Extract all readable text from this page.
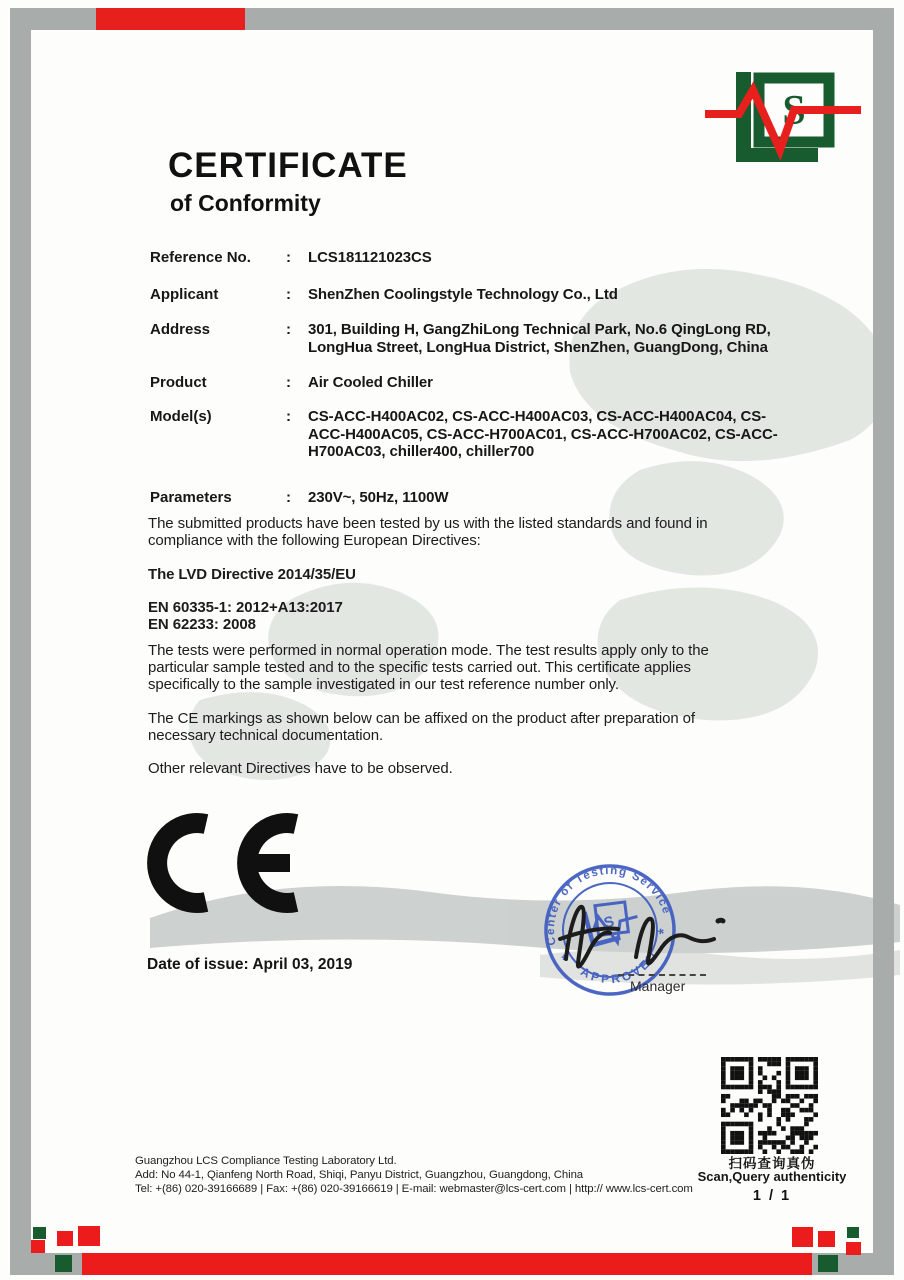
S
CERTIFICATE
of Conformity
Reference No.	:	LCS181121023CS
Applicant	:	ShenZhen Coolingstyle Technology Co., Ltd
Address	:	301, Building H, GangZhiLong Technical Park, No.6 QingLong RD, LongHua Street, LongHua District, ShenZhen, GuangDong, China
Product	:	Air Cooled Chiller
Model(s)	:	CS-ACC-H400AC02, CS-ACC-H400AC03, CS-ACC-H400AC04, CS-ACC-H400AC05, CS-ACC-H700AC01, CS-ACC-H700AC02, CS-ACC-H700AC03, chiller400, chiller700
Parameters	:	230V~, 50Hz, 1100W
The submitted products have been tested by us with the listed standards and found in compliance with the following European Directives:
The LVD Directive 2014/35/EU
EN 60335-1: 2012+A13:2017
EN 62233: 2008
The tests were performed in normal operation mode. The test results apply only to the particular sample tested and to the specific tests carried out. This certificate applies specifically to the sample investigated in our test reference number only.
The CE markings as shown below can be affixed on the product after preparation of necessary technical documentation.
Other relevant Directives have to be observed.
Date of issue: April 03, 2019
Center of Testing Service
APPROVED
*
*
S
Manager
扫码查询真伪
Scan,Query authenticity
1 / 1
Guangzhou LCS Compliance Testing Laboratory Ltd.
Add: No 44-1, Qianfeng North Road, Shiqi, Panyu District, Guangzhou, Guangdong, China
Tel: +(86) 020-39166689 | Fax: +(86) 020-39166619 | E-mail: webmaster@lcs-cert.com | http:// www.lcs-cert.com
